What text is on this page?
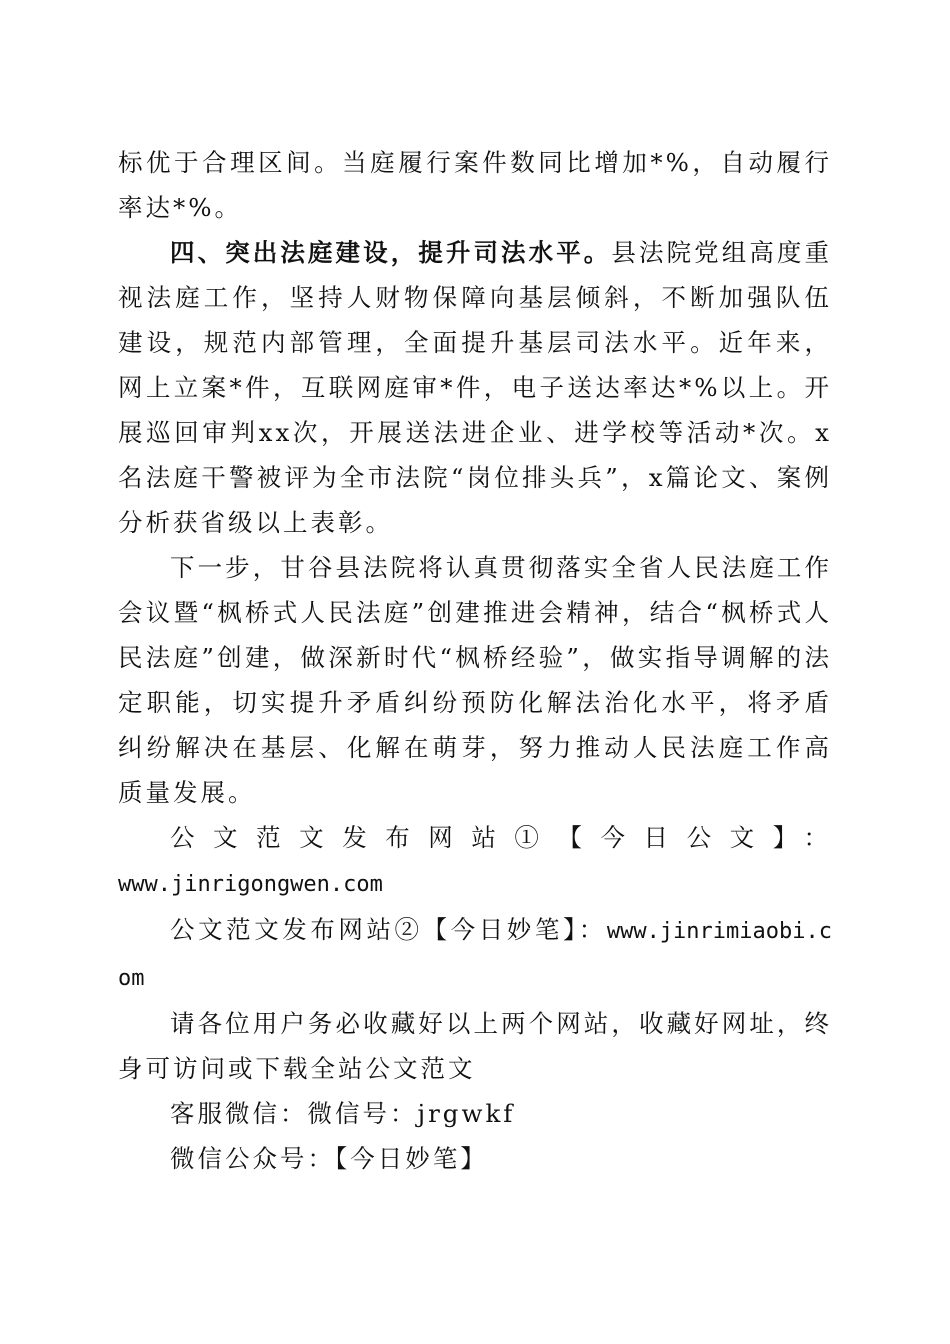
标优于合理区间。当庭履行案件数同比增加*%，自动履行率达*%。

四、突出法庭建设，提升司法水平。县法院党组高度重视法庭工作，坚持人财物保障向基层倾斜，不断加强队伍建设，规范内部管理，全面提升基层司法水平。近年来，网上立案*件，互联网庭审*件，电子送达率达*%以上。开展巡回审判xx次，开展送法进企业、进学校等活动*次。x名法庭干警被评为全市法院“岗位排头兵”，x篇论文、案例分析获省级以上表彰。

下一步，甘谷县法院将认真贯彻落实全省人民法庭工作会议暨“枫桥式人民法庭”创建推进会精神，结合“枫桥式人民法庭”创建，做深新时代“枫桥经验”，做实指导调解的法定职能，切实提升矛盾纠纷预防化解法治化水平，将矛盾纠纷解决在基层、化解在萌芽，努力推动人民法庭工作高质量发展。

公文范文发布网站①【今日公文】：

www.jinrigongwen.com

公文范文发布网站②【今日妙笔】：www.jinrimiaobi.com

请各位用户务必收藏好以上两个网站，收藏好网址，终身可访问或下载全站公文范文

客服微信：微信号：jrgwkf

微信公众号：【今日妙笔】
